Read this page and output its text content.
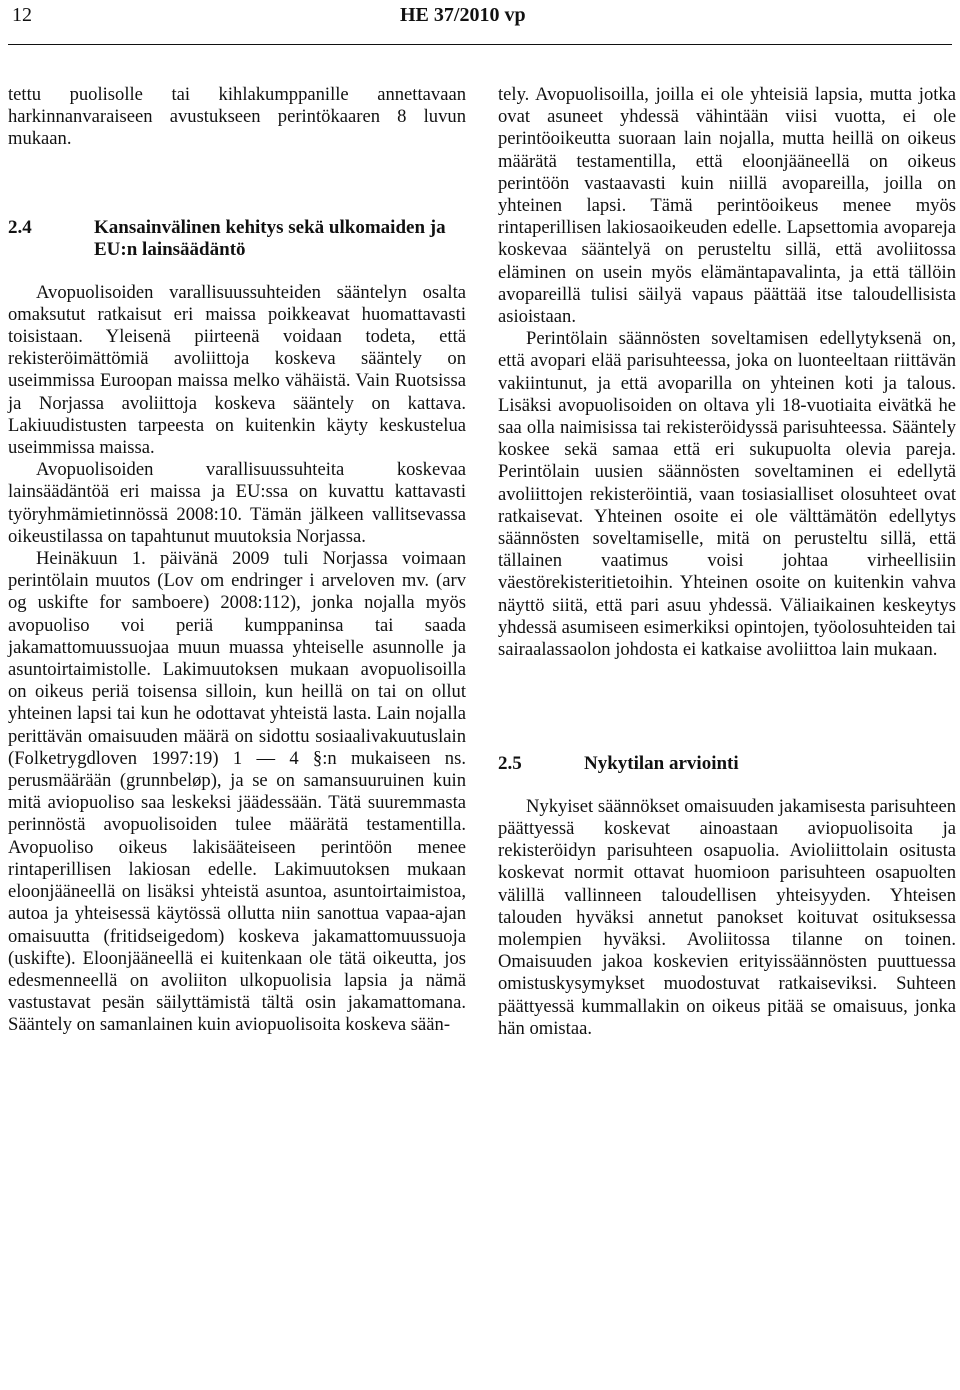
12	HE 37/2010 vp

tettu puolisolle tai kihlakumppanille annettavaan harkinnanvaraiseen avustukseen perintökaaren 8 luvun mukaan.

2.4	Kansainvälinen kehitys sekä ulkomaiden ja EU:n lainsäädäntö

Avopuolisoiden varallisuussuhteiden sääntelyn osalta omaksutut ratkaisut eri maissa poikkeavat huomattavasti toisistaan. Yleisenä piirteenä voidaan todeta, että rekisteröimättömiä avoliittoja koskeva sääntely on useimmissa Euroopan maissa melko vähäistä. Vain Ruotsissa ja Norjassa avoliittoja koskeva sääntely on kattava. Lakiuudistusten tarpeesta on kuitenkin käyty keskustelua useimmissa maissa.

Avopuolisoiden varallisuussuhteita koskevaa lainsäädäntöä eri maissa ja EU:ssa on kuvattu kattavasti työryhmämietinnössä 2008:10. Tämän jälkeen vallitsevassa oikeustilassa on tapahtunut muutoksia Norjassa.

Heinäkuun 1. päivänä 2009 tuli Norjassa voimaan perintölain muutos (Lov om endringer i arveloven mv. (arv og uskifte for samboere) 2008:112), jonka nojalla myös avopuoliso voi periä kumppaninsa tai saada jakamattomuussuojaa muun muassa yhteiselle asunnolle ja asuntoirtaimistolle. Lakimuutoksen mukaan avopuolisoilla on oikeus periä toisensa silloin, kun heillä on tai on ollut yhteinen lapsi tai kun he odottavat yhteistä lasta. Lain nojalla perittävän omaisuuden määrä on sidottu sosiaalivakuutuslain (Folketrygdloven 1997:19) 1 — 4 §:n mukaiseen ns. perusmäärään (grunnbeløp), ja se on samansuuruinen kuin mitä aviopuoliso saa leskeksi jäädessään. Tätä suuremmasta perinnöstä avopuolisoiden tulee määrätä testamentilla. Avopuoliso oikeus lakisääteiseen perintöön menee rintaperillisen lakiosan edelle. Lakimuutoksen mukaan eloonjääneellä on lisäksi yhteistä asuntoa, asuntoirtaimistoa, autoa ja yhteisessä käytössä ollutta niin sanottua vapaa-ajan omaisuutta (fritidseigedom) koskeva jakamattomuussuoja (uskifte). Eloonjääneellä ei kuitenkaan ole tätä oikeutta, jos edesmenneellä on avoliiton ulkopuolisia lapsia ja nämä vastustavat pesän säilyttämistä tältä osin jakamattomana. Sääntely on samanlainen kuin aviopuolisoita koskeva sään-

tely. Avopuolisoilla, joilla ei ole yhteisiä lapsia, mutta jotka ovat asuneet yhdessä vähintään viisi vuotta, ei ole perintöoikeutta suoraan lain nojalla, mutta heillä on oikeus määrätä testamentilla, että eloonjääneellä on oikeus perintöön vastaavasti kuin niillä avopareilla, joilla on yhteinen lapsi. Tämä perintöoikeus menee myös rintaperillisen lakiosaoikeuden edelle. Lapsettomia avopareja koskevaa sääntelyä on perusteltu sillä, että avoliitossa eläminen on usein myös elämäntapavalinta, ja että tällöin avopareillä tulisi säilyä vapaus päättää itse taloudellisista asioistaan.

Perintölain säännösten soveltamisen edellytyksenä on, että avopari elää parisuhteessa, joka on luonteeltaan riittävän vakiintunut, ja että avoparilla on yhteinen koti ja talous. Lisäksi avopuolisoiden on oltava yli 18-vuotiaita eivätkä he saa olla naimisissa tai rekisteröidyssä parisuhteessa. Sääntely koskee sekä samaa että eri sukupuolta olevia pareja. Perintölain uusien säännösten soveltaminen ei edellytä avoliittojen rekisteröintiä, vaan tosiasialliset olosuhteet ovat ratkaisevat. Yhteinen osoite ei ole välttämätön edellytys säännösten soveltamiselle, mitä on perusteltu sillä, että tällainen vaatimus voisi johtaa virheellisiin väestörekisteritietoihin. Yhteinen osoite on kuitenkin vahva näyttö siitä, että pari asuu yhdessä. Väliaikainen keskeytys yhdessä asumiseen esimerkiksi opintojen, työolosuhteiden tai sairaalassaolon johdosta ei katkaise avoliittoa lain mukaan.

2.5	Nykytilan arviointi

Nykyiset säännökset omaisuuden jakamisesta parisuhteen päättyessä koskevat ainoastaan aviopuolisoita ja rekisteröidyn parisuhteen osapuolia. Avioliittolain ositusta koskevat normit ottavat huomioon parisuhteen osapuolten välillä vallinneen taloudellisen yhteisyyden. Yhteisen talouden hyväksi annetut panokset koituvat osituksessa molempien hyväksi. Avoliitossa tilanne on toinen. Omaisuuden jakoa koskevien erityissäännösten puuttuessa omistuskysymykset muodostuvat ratkaiseviksi. Suhteen päättyessä kummallakin on oikeus pitää se omaisuus, jonka hän omistaa.
